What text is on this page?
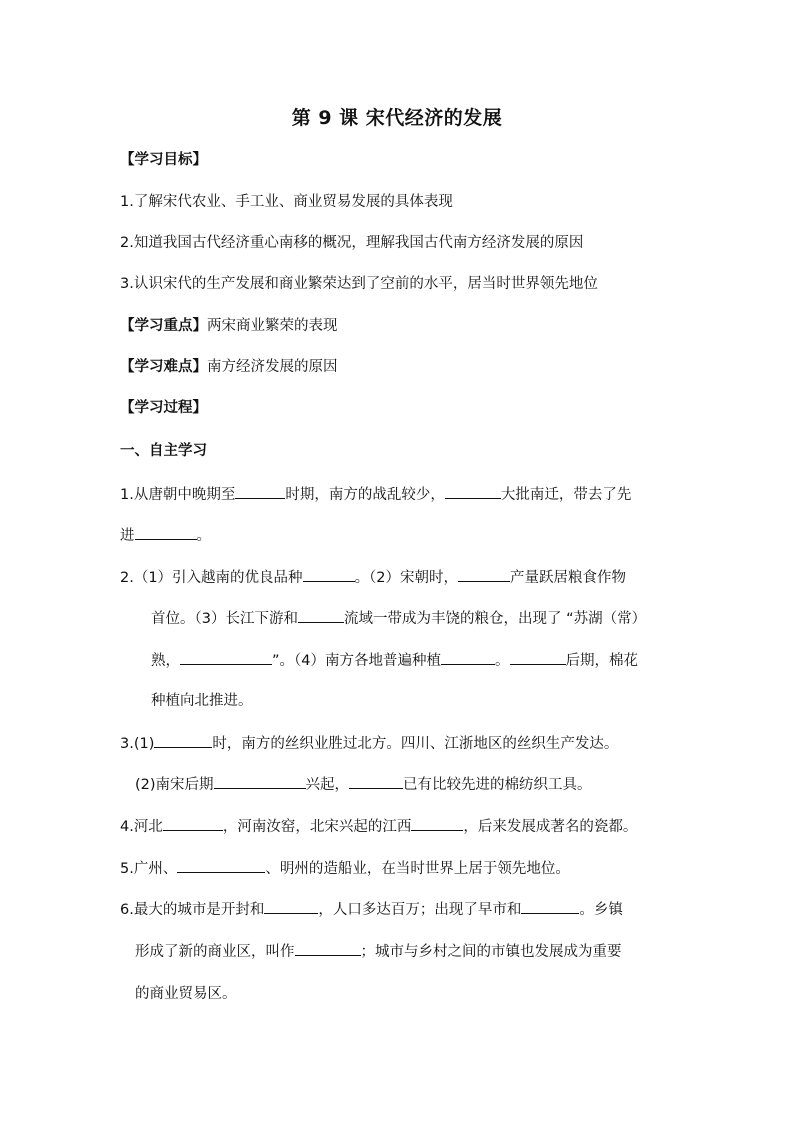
第 9 课 宋代经济的发展
【学习目标】
1.了解宋代农业、手工业、商业贸易发展的具体表现
2.知道我国古代经济重心南移的概况，理解我国古代南方经济发展的原因
3.认识宋代的生产发展和商业繁荣达到了空前的水平，居当时世界领先地位
【学习重点】两宋商业繁荣的表现
【学习难点】南方经济发展的原因
【学习过程】
一、自主学习
1.从唐朝中晚期至	时期，南方的战乱较少，	大批南迁，带去了先
进	。
2.（1）引入越南的优良品种	。（2）宋朝时，	产量跃居粮食作物
首位。（3）长江下游和	流域一带成为丰饶的粮仓，出现了 “苏湖（常）
熟，	”。（4）南方各地普遍种植	。	后期，棉花
种植向北推进。
3.(1)	时，南方的丝织业胜过北方。四川、江浙地区的丝织生产发达。
(2)南宋后期	兴起，	已有比较先进的棉纺织工具。
4.河北	，河南汝窑，北宋兴起的江西	，后来发展成著名的瓷都。
5.广州、	、明州的造船业，在当时世界上居于领先地位。
6.最大的城市是开封和	，人口多达百万；出现了早市和	。乡镇
形成了新的商业区，叫作	；城市与乡村之间的市镇也发展成为重要
的商业贸易区。
